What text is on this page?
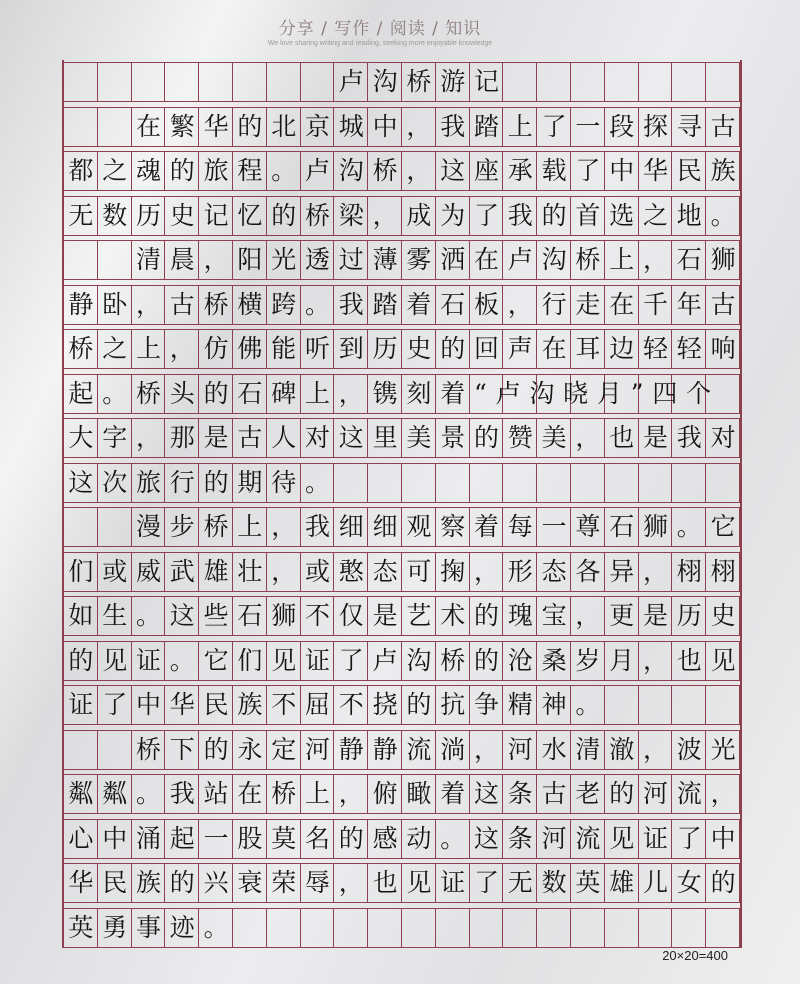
分享 / 写作 / 阅读 / 知识
We love sharing writing and reading, seeking more enjoyable knowledge
　　　　　　　　卢沟桥游记　　　　　　　
　　在繁华的北京城中，我踏上了一段探寻古
都之魂的旅程。卢沟桥，这座承载了中华民族
无数历史记忆的桥梁，成为了我的首选之地。
　　清晨，阳光透过薄雾洒在卢沟桥上，石狮
静卧，古桥横跨。我踏着石板，行走在千年古
桥之上，仿佛能听到历史的回声在耳边轻轻响
起。桥头的石碑上，镌刻着“卢沟晓月”四个
大字，那是古人对这里美景的赞美，也是我对
这次旅行的期待。
　　漫步桥上，我细细观察着每一尊石狮。它
们或威武雄壮，或憨态可掬，形态各异，栩栩
如生。这些石狮不仅是艺术的瑰宝，更是历史
的见证。它们见证了卢沟桥的沧桑岁月，也见
证了中华民族不屈不挠的抗争精神。
　　桥下的永定河静静流淌，河水清澈，波光
粼粼。我站在桥上，俯瞰着这条古老的河流，
心中涌起一股莫名的感动。这条河流见证了中
华民族的兴衰荣辱，也见证了无数英雄儿女的
英勇事迹。
20×20=400
